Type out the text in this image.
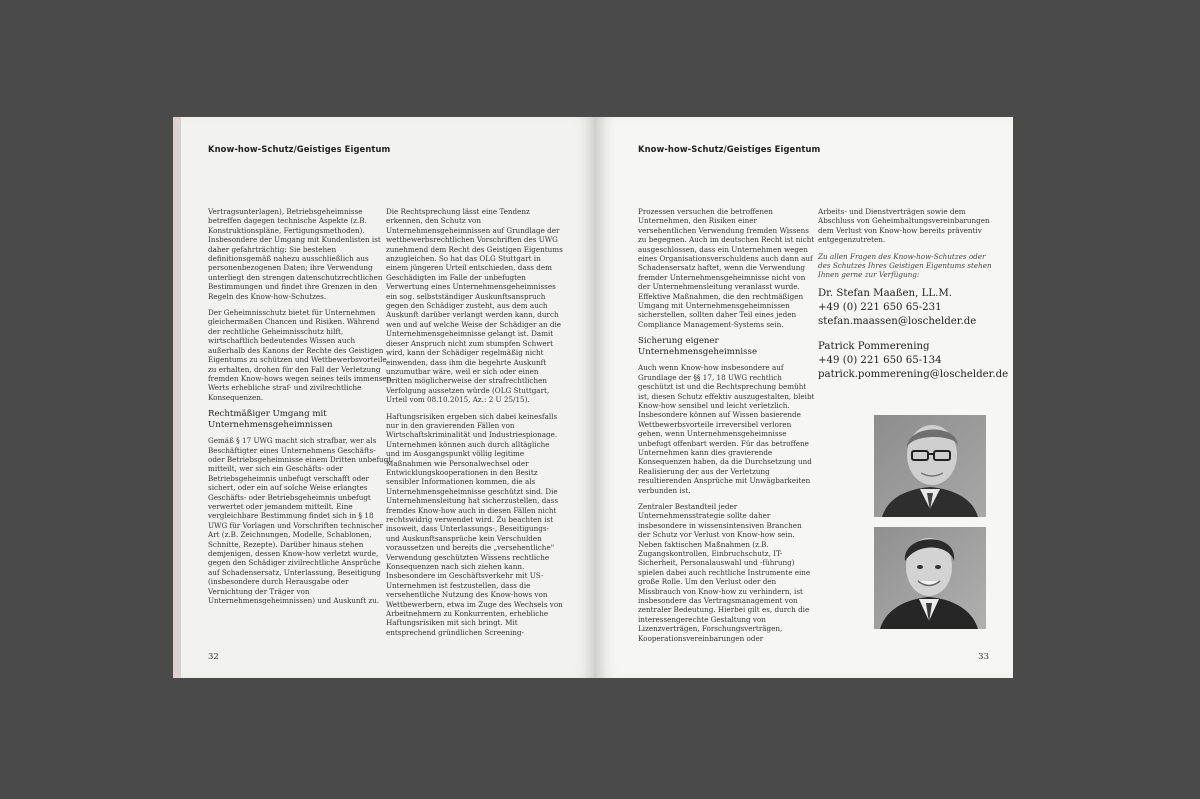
Know-how-Schutz/Geistiges Eigentum

Vertragsunterlagen), Betriebsgeheimnisse betreffen dagegen technische Aspekte (z.B. Konstruktionspläne, Fertigungsmethoden). Insbesondere der Umgang mit Kundenlisten ist daher gefahrträchtig: Sie bestehen definitionsgemäß nahezu ausschließlich aus personenbezogenen Daten; ihre Verwendung unterliegt den strengen datenschutzrechtlichen Bestimmungen und findet ihre Grenzen in den Regeln des Know-how-Schutzes.

Der Geheimnisschutz bietet für Unternehmen gleichermaßen Chancen und Risiken. Während der rechtliche Geheimnisschutz hilft, wirtschaftlich bedeutendes Wissen auch außerhalb des Kanons der Rechte des Geistigen Eigentums zu schützen und Wettbewerbsvorteile zu erhalten, drohen für den Fall der Verletzung fremden Know-hows wegen seines teils immensen Werts erhebliche straf- und zivilrechtliche Konsequenzen.

Rechtmäßiger Umgang mit Unternehmensgeheimnissen

Gemäß § 17 UWG macht sich strafbar, wer als Beschäftigter eines Unternehmens Geschäfts- oder Betriebsgeheimnisse einem Dritten unbefugt mitteilt, wer sich ein Geschäfts- oder Betriebsgeheimnis unbefugt verschafft oder sichert, oder ein auf solche Weise erlangtes Geschäfts- oder Betriebsgeheimnis unbefugt verwertet oder jemandem mitteilt. Eine vergleichbare Bestimmung findet sich in § 18 UWG für Vorlagen und Vorschriften technischer Art (z.B. Zeichnungen, Modelle, Schablonen, Schnitte, Rezepte). Darüber hinaus stehen demjenigen, dessen Know-how verletzt wurde, gegen den Schädiger zivilrechtliche Ansprüche auf Schadensersatz, Unterlassung, Beseitigung (insbesondere durch Herausgabe oder Vernichtung der Träger von Unternehmensgeheimnissen) und Auskunft zu.

Die Rechtsprechung lässt eine Tendenz erkennen, den Schutz von Unternehmensgeheimnissen auf Grundlage der wettbewerbsrechtlichen Vorschriften des UWG zunehmend dem Recht des Geistigen Eigentums anzugleichen. So hat das OLG Stuttgart in einem jüngeren Urteil entschieden, dass dem Geschädigten im Falle der unbefugten Verwertung eines Unternehmensgeheimnisses ein sog. selbstständiger Auskunftsanspruch gegen den Schädiger zusteht, aus dem auch Auskunft darüber verlangt werden kann, durch wen und auf welche Weise der Schädiger an die Unternehmensgeheimnisse gelangt ist. Damit dieser Anspruch nicht zum stumpfen Schwert wird, kann der Schädiger regelmäßig nicht einwenden, dass ihm die begehrte Auskunft unzumutbar wäre, weil er sich oder einen Dritten möglicherweise der strafrechtlichen Verfolgung aussetzen würde (OLG Stuttgart, Urteil vom 08.10.2015, Az.: 2 U 25/15).

Haftungsrisiken ergeben sich dabei keinesfalls nur in den gravierenden Fällen von Wirtschaftskriminalität und Industriespionage. Unternehmen können auch durch alltägliche und im Ausgangspunkt völlig legitime Maßnahmen wie Personalwechsel oder Entwicklungskooperationen in den Besitz sensibler Informationen kommen, die als Unternehmensgeheimnisse geschützt sind. Die Unternehmensleitung hat sicherzustellen, dass fremdes Know-how auch in diesen Fällen nicht rechtswidrig verwendet wird. Zu beachten ist insoweit, dass Unterlassungs-, Beseitigungs- und Auskunftsansprüche kein Verschulden voraussetzen und bereits die „versehentliche" Verwendung geschützten Wissens rechtliche Konsequenzen nach sich ziehen kann. Insbesondere im Geschäftsverkehr mit US-Unternehmen ist festzustellen, dass die versehentliche Nutzung des Know-hows von Wettbewerbern, etwa im Zuge des Wechsels von Arbeitnehmern zu Konkurrenten, erhebliche Haftungsrisiken mit sich bringt. Mit entsprechend gründlichen Screening-

32
Know-how-Schutz/Geistiges Eigentum

Prozessen versuchen die betroffenen Unternehmen, den Risiken einer versehentlichen Verwendung fremden Wissens zu begegnen. Auch im deutschen Recht ist nicht ausgeschlossen, dass ein Unternehmen wegen eines Organisationsverschuldens auch dann auf Schadensersatz haftet, wenn die Verwendung fremder Unternehmensgeheimnisse nicht von der Unternehmensleitung veranlasst wurde. Effektive Maßnahmen, die den rechtmäßigen Umgang mit Unternehmensgeheimnissen sicherstellen, sollten daher Teil eines jeden Compliance Management-Systems sein.

Sicherung eigener Unternehmensgeheimnisse

Auch wenn Know-how insbesondere auf Grundlage der §§ 17, 18 UWG rechtlich geschützt ist und die Rechtsprechung bemüht ist, diesen Schutz effektiv auszugestalten, bleibt Know-how sensibel und leicht verletzlich. Insbesondere können auf Wissen basierende Wettbewerbsvorteile irreversibel verloren gehen, wenn Unternehmensgeheimnisse unbefugt offenbart werden. Für das betroffene Unternehmen kann dies gravierende Konsequenzen haben, da die Durchsetzung und Realisierung der aus der Verletzung resultierenden Ansprüche mit Unwägbarkeiten verbunden ist.

Zentraler Bestandteil jeder Unternehmensstrategie sollte daher insbesondere in wissensintensiven Branchen der Schutz vor Verlust von Know-how sein. Neben faktischen Maßnahmen (z.B. Zugangskontrollen, Einbruchschutz, IT-Sicherheit, Personalauswahl und -führung) spielen dabei auch rechtliche Instrumente eine große Rolle. Um den Verlust oder den Missbrauch von Know-how zu verhindern, ist insbesondere das Vertragsmanagement von zentraler Bedeutung. Hierbei gilt es, durch die interessengerechte Gestaltung von Lizenzverträgen, Forschungsverträgen, Kooperationsvereinbarungen oder

Arbeits- und Dienstverträgen sowie dem Abschluss von Geheimhaltungsvereinbarungen dem Verlust von Know-how bereits präventiv entgegenzutreten.

Zu allen Fragen des Know-how-Schutzes oder des Schutzes Ihres Geistigen Eigentums stehen Ihnen gerne zur Verfügung:

Dr. Stefan Maaßen, LL.M.
+49 (0) 221 650 65-231
stefan.maassen@loschelder.de
Patrick Pommerening
+49 (0) 221 650 65-134
patrick.pommerening@loschelder.de
33
